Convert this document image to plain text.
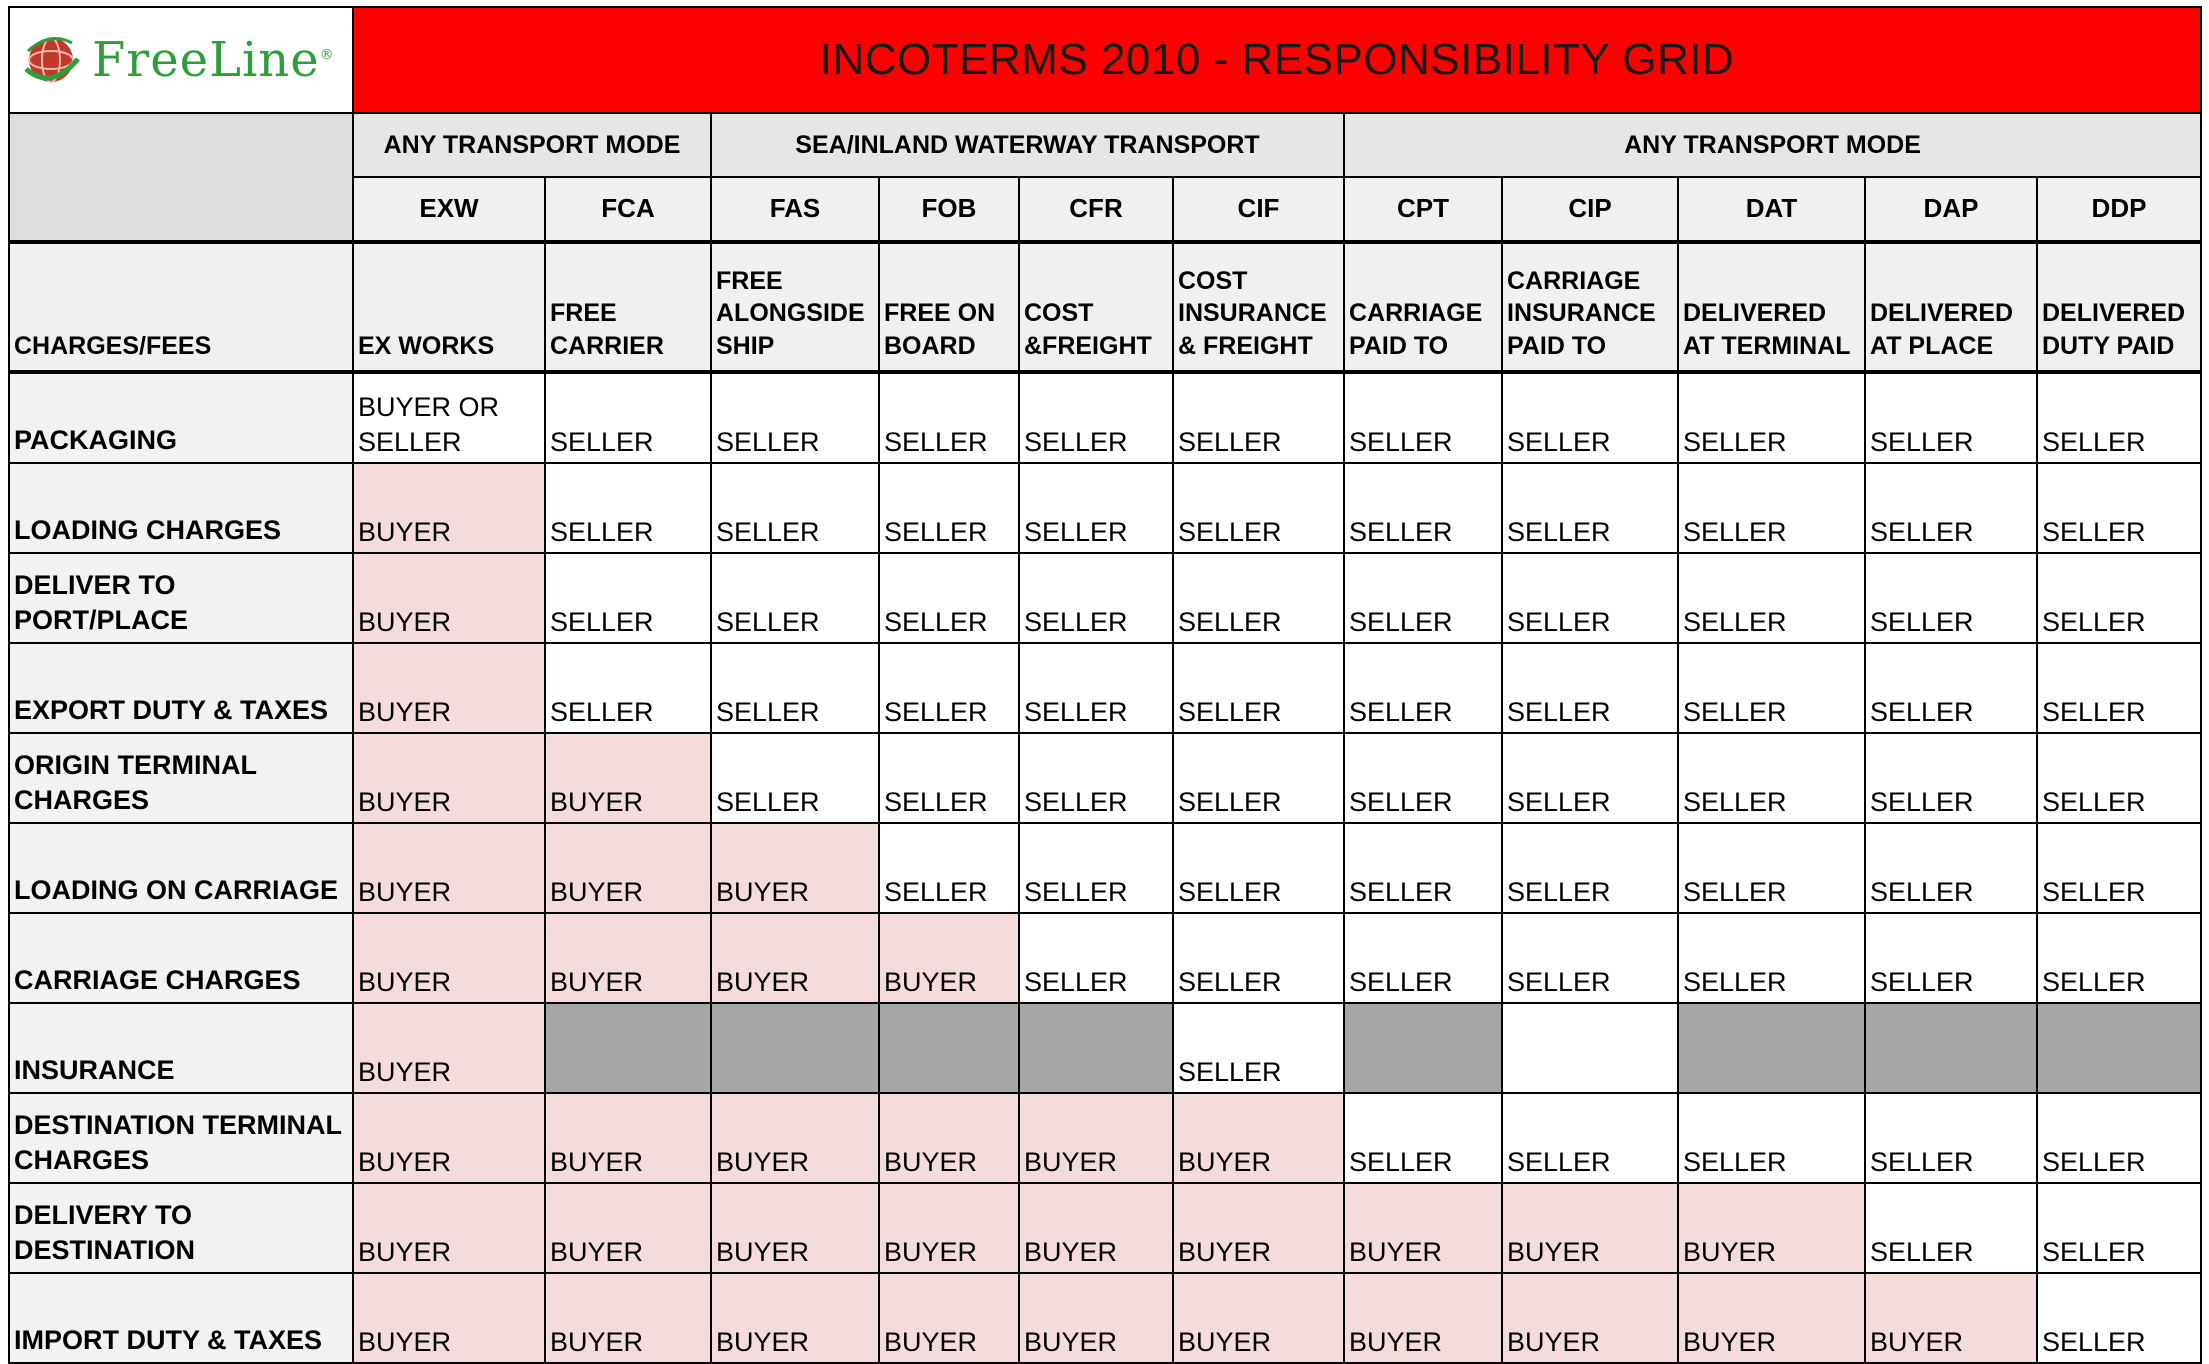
FreeLine®	INCOTERMS 2010 - RESPONSIBILITY GRID										
	ANY TRANSPORT MODE		SEA/INLAND WATERWAY TRANSPORT				ANY TRANSPORT MODE				
	EXW	FCA	FAS	FOB	CFR	CIF	CPT	CIP	DAT	DAP	DDP
CHARGES/FEES	EX WORKS	FREE CARRIER	FREE ALONGSIDE SHIP	FREE ON BOARD	COST &FREIGHT	COST INSURANCE & FREIGHT	CARRIAGE PAID TO	CARRIAGE INSURANCE PAID TO	DELIVERED AT TERMINAL	DELIVERED AT PLACE	DELIVERED DUTY PAID
PACKAGING	BUYER OR SELLER	SELLER	SELLER	SELLER	SELLER	SELLER	SELLER	SELLER	SELLER	SELLER	SELLER
LOADING CHARGES	BUYER	SELLER	SELLER	SELLER	SELLER	SELLER	SELLER	SELLER	SELLER	SELLER	SELLER
DELIVER TO PORT/PLACE	BUYER	SELLER	SELLER	SELLER	SELLER	SELLER	SELLER	SELLER	SELLER	SELLER	SELLER
EXPORT DUTY & TAXES	BUYER	SELLER	SELLER	SELLER	SELLER	SELLER	SELLER	SELLER	SELLER	SELLER	SELLER
ORIGIN TERMINAL CHARGES	BUYER	BUYER	SELLER	SELLER	SELLER	SELLER	SELLER	SELLER	SELLER	SELLER	SELLER
LOADING ON CARRIAGE	BUYER	BUYER	BUYER	SELLER	SELLER	SELLER	SELLER	SELLER	SELLER	SELLER	SELLER
CARRIAGE CHARGES	BUYER	BUYER	BUYER	BUYER	SELLER	SELLER	SELLER	SELLER	SELLER	SELLER	SELLER
INSURANCE	BUYER					SELLER					
DESTINATION TERMINAL CHARGES	BUYER	BUYER	BUYER	BUYER	BUYER	BUYER	SELLER	SELLER	SELLER	SELLER	SELLER
DELIVERY TO DESTINATION	BUYER	BUYER	BUYER	BUYER	BUYER	BUYER	BUYER	BUYER	BUYER	SELLER	SELLER
IMPORT DUTY & TAXES	BUYER	BUYER	BUYER	BUYER	BUYER	BUYER	BUYER	BUYER	BUYER	BUYER	SELLER
